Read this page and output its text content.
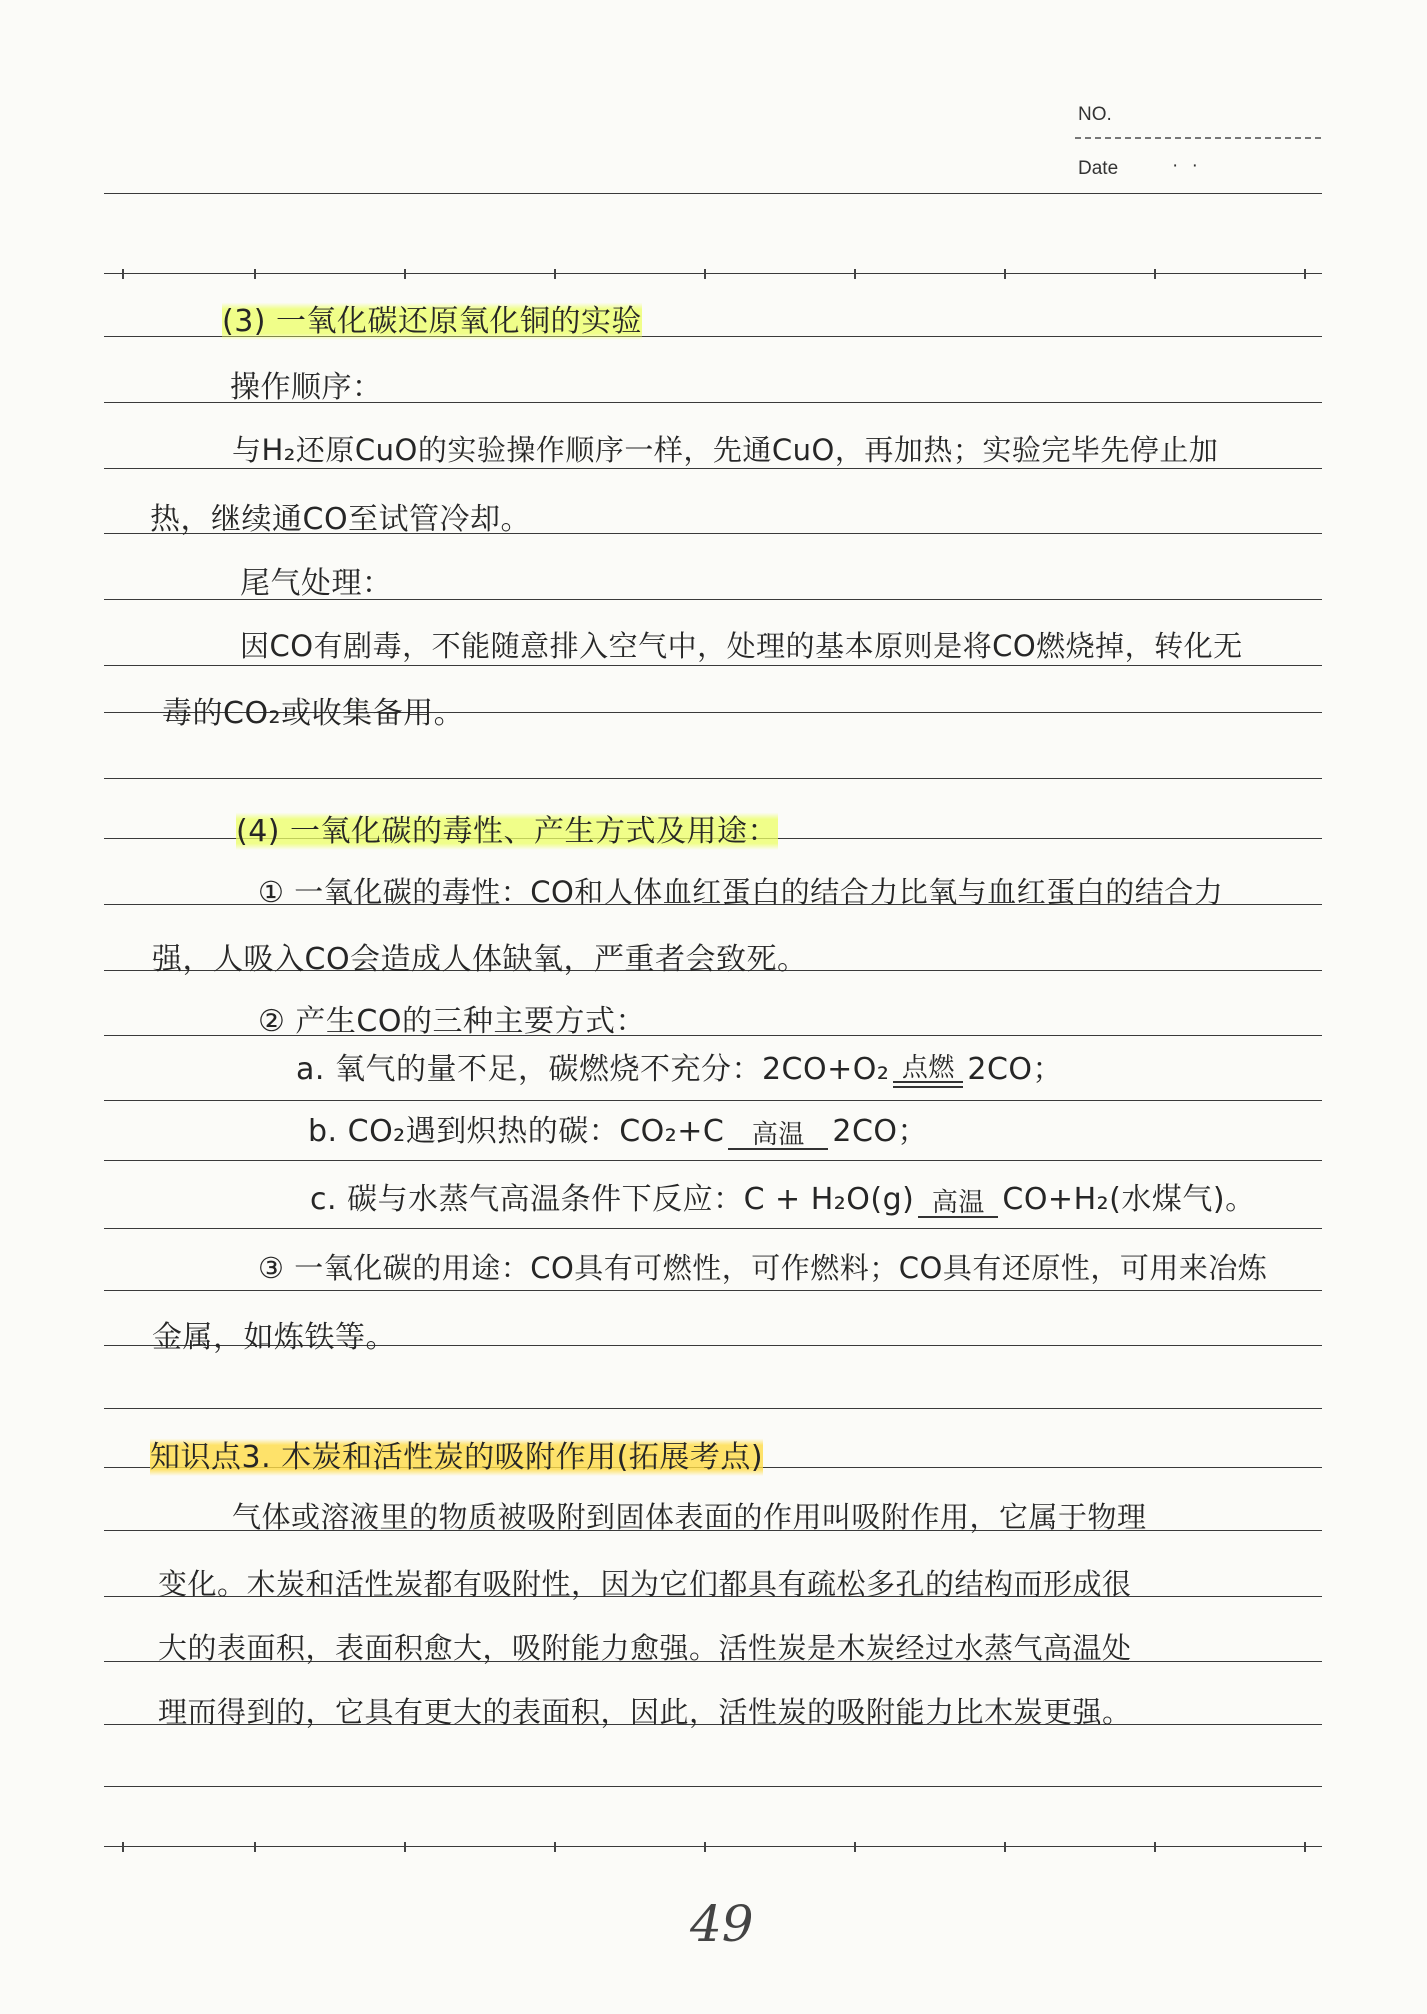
NO.
Date	· ·
(3) 一氧化碳还原氧化铜的实验
操作顺序：
与H₂还原CuO的实验操作顺序一样，先通CuO，再加热；实验完毕先停止加
热，继续通CO至试管冷却。
尾气处理：
因CO有剧毒，不能随意排入空气中，处理的基本原则是将CO燃烧掉，转化无
毒的CO₂或收集备用。
(4) 一氧化碳的毒性、产生方式及用途：
① 一氧化碳的毒性：CO和人体血红蛋白的结合力比氧与血红蛋白的结合力
强，人吸入CO会造成人体缺氧，严重者会致死。
② 产生CO的三种主要方式：
a. 氧气的量不足，碳燃烧不充分：2CO+O₂ 点燃 2CO；
b. CO₂遇到炽热的碳：CO₂+C	高温 2CO；
c. 碳与水蒸气高温条件下反应：C + H₂O(g) 高温 CO+H₂(水煤气)。
③ 一氧化碳的用途：CO具有可燃性，可作燃料；CO具有还原性，可用来冶炼
金属，如炼铁等。
知识点3. 木炭和活性炭的吸附作用(拓展考点)
气体或溶液里的物质被吸附到固体表面的作用叫吸附作用，它属于物理
变化。木炭和活性炭都有吸附性，因为它们都具有疏松多孔的结构而形成很
大的表面积，表面积愈大，吸附能力愈强。活性炭是木炭经过水蒸气高温处
理而得到的，它具有更大的表面积，因此，活性炭的吸附能力比木炭更强。
49
